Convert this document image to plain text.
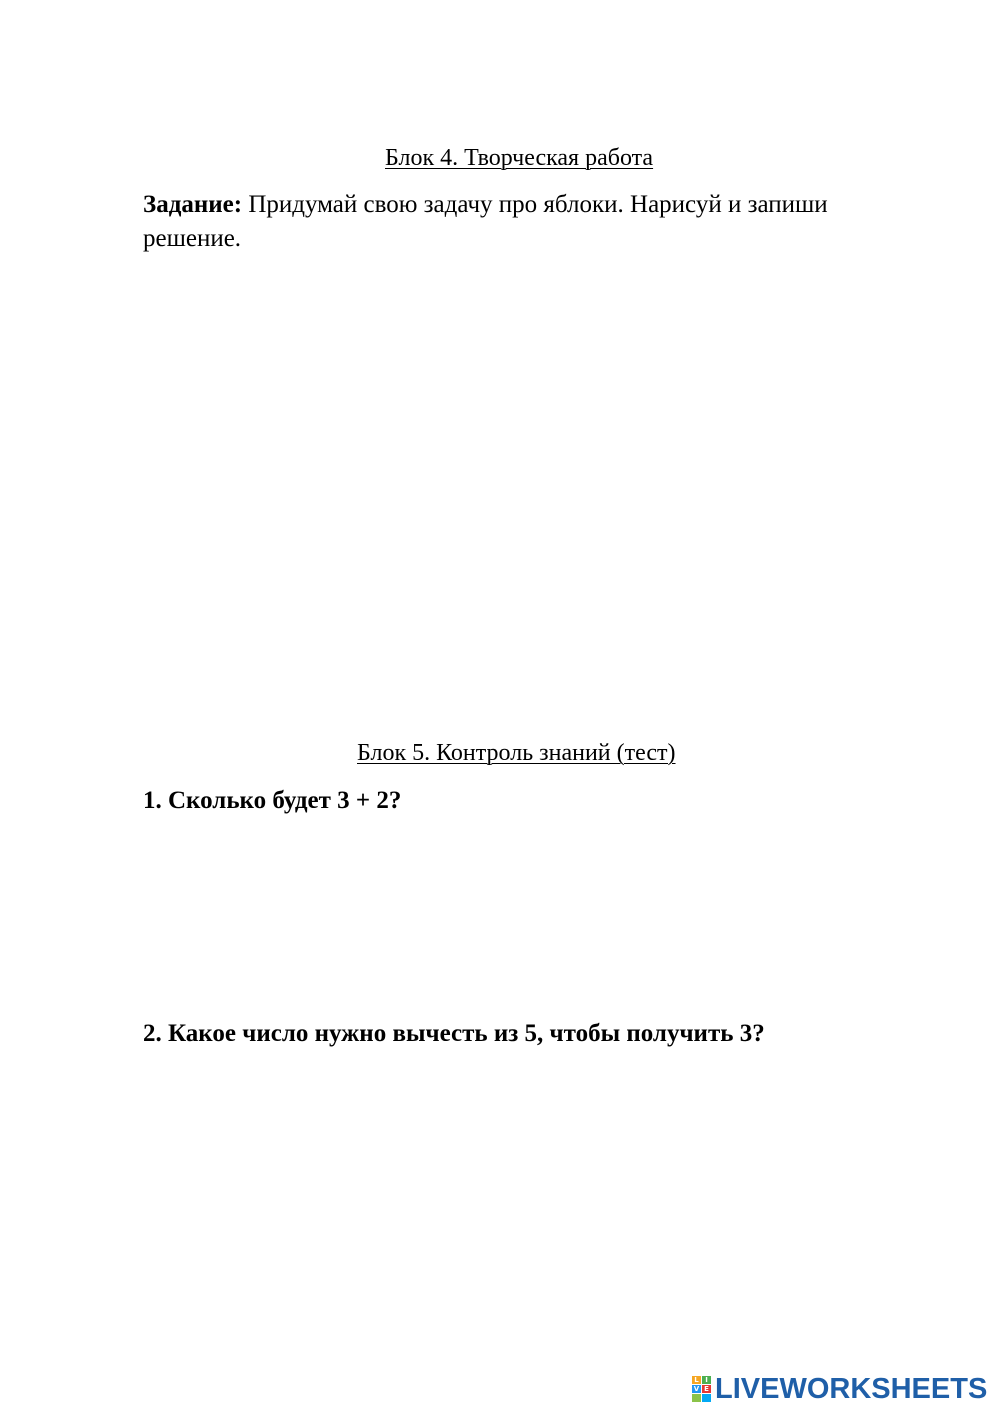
Блок 4. Творческая работа
Задание: Придумай свою задачу про яблоки. Нарисуй и запиши решение.
Блок 5. Контроль знаний (тест)
1. Сколько будет 3 + 2?
2. Какое число нужно вычесть из 5, чтобы получить 3?
L I
V E LIVEWORKSHEETS
